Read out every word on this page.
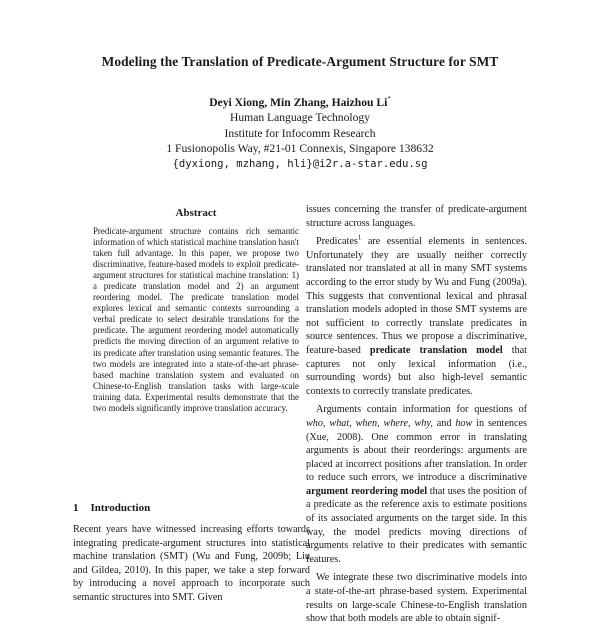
Modeling the Translation of Predicate-Argument Structure for SMT
Deyi Xiong, Min Zhang, Haizhou Li*
Human Language Technology
Institute for Infocomm Research
1 Fusionopolis Way, #21-01 Connexis, Singapore 138632
{dyxiong, mzhang, hli}@i2r.a-star.edu.sg
Abstract

Predicate-argument structure contains rich semantic information of which statistical machine translation hasn't taken full advantage. In this paper, we propose two discriminative, feature-based models to exploit predicate-argument structures for statistical machine translation: 1) a predicate translation model and 2) an argument reordering model. The predicate translation model explores lexical and semantic contexts surrounding a verbal predicate to select desirable translations for the predicate. The argument reordering model automatically predicts the moving direction of an argument relative to its predicate after translation using semantic features. The two models are integrated into a state-of-the-art phrase-based machine translation system and evaluated on Chinese-to-English translation tasks with large-scale training data. Experimental results demonstrate that the two models significantly improve translation accuracy.

1 Introduction

Recent years have witnessed increasing efforts towards integrating predicate-argument structures into statistical machine translation (SMT) (Wu and Fung, 2009b; Liu and Gildea, 2010). In this paper, we take a step forward by introducing a novel approach to incorporate such semantic structures into SMT. Given

issues concerning the transfer of predicate-argument structure across languages.

Predicates$^1$ are essential elements in sentences. Unfortunately they are usually neither correctly translated nor translated at all in many SMT systems according to the error study by Wu and Fung (2009a). This suggests that conventional lexical and phrasal translation models adopted in those SMT systems are not sufficient to correctly translate predicates in source sentences. Thus we propose a discriminative, feature-based predicate translation model that captures not only lexical information (i.e., surrounding words) but also high-level semantic contexts to correctly translate predicates.

Arguments contain information for questions of who, what, when, where, why, and how in sentences (Xue, 2008). One common error in translating arguments is about their reorderings: arguments are placed at incorrect positions after translation. In order to reduce such errors, we introduce a discriminative argument reordering model that uses the position of a predicate as the reference axis to estimate positions of its associated arguments on the target side. In this way, the model predicts moving directions of arguments relative to their predicates with semantic features.

We integrate these two discriminative models into a state-of-the-art phrase-based system. Experimental results on large-scale Chinese-to-English translation show that both models are able to obtain signif-
